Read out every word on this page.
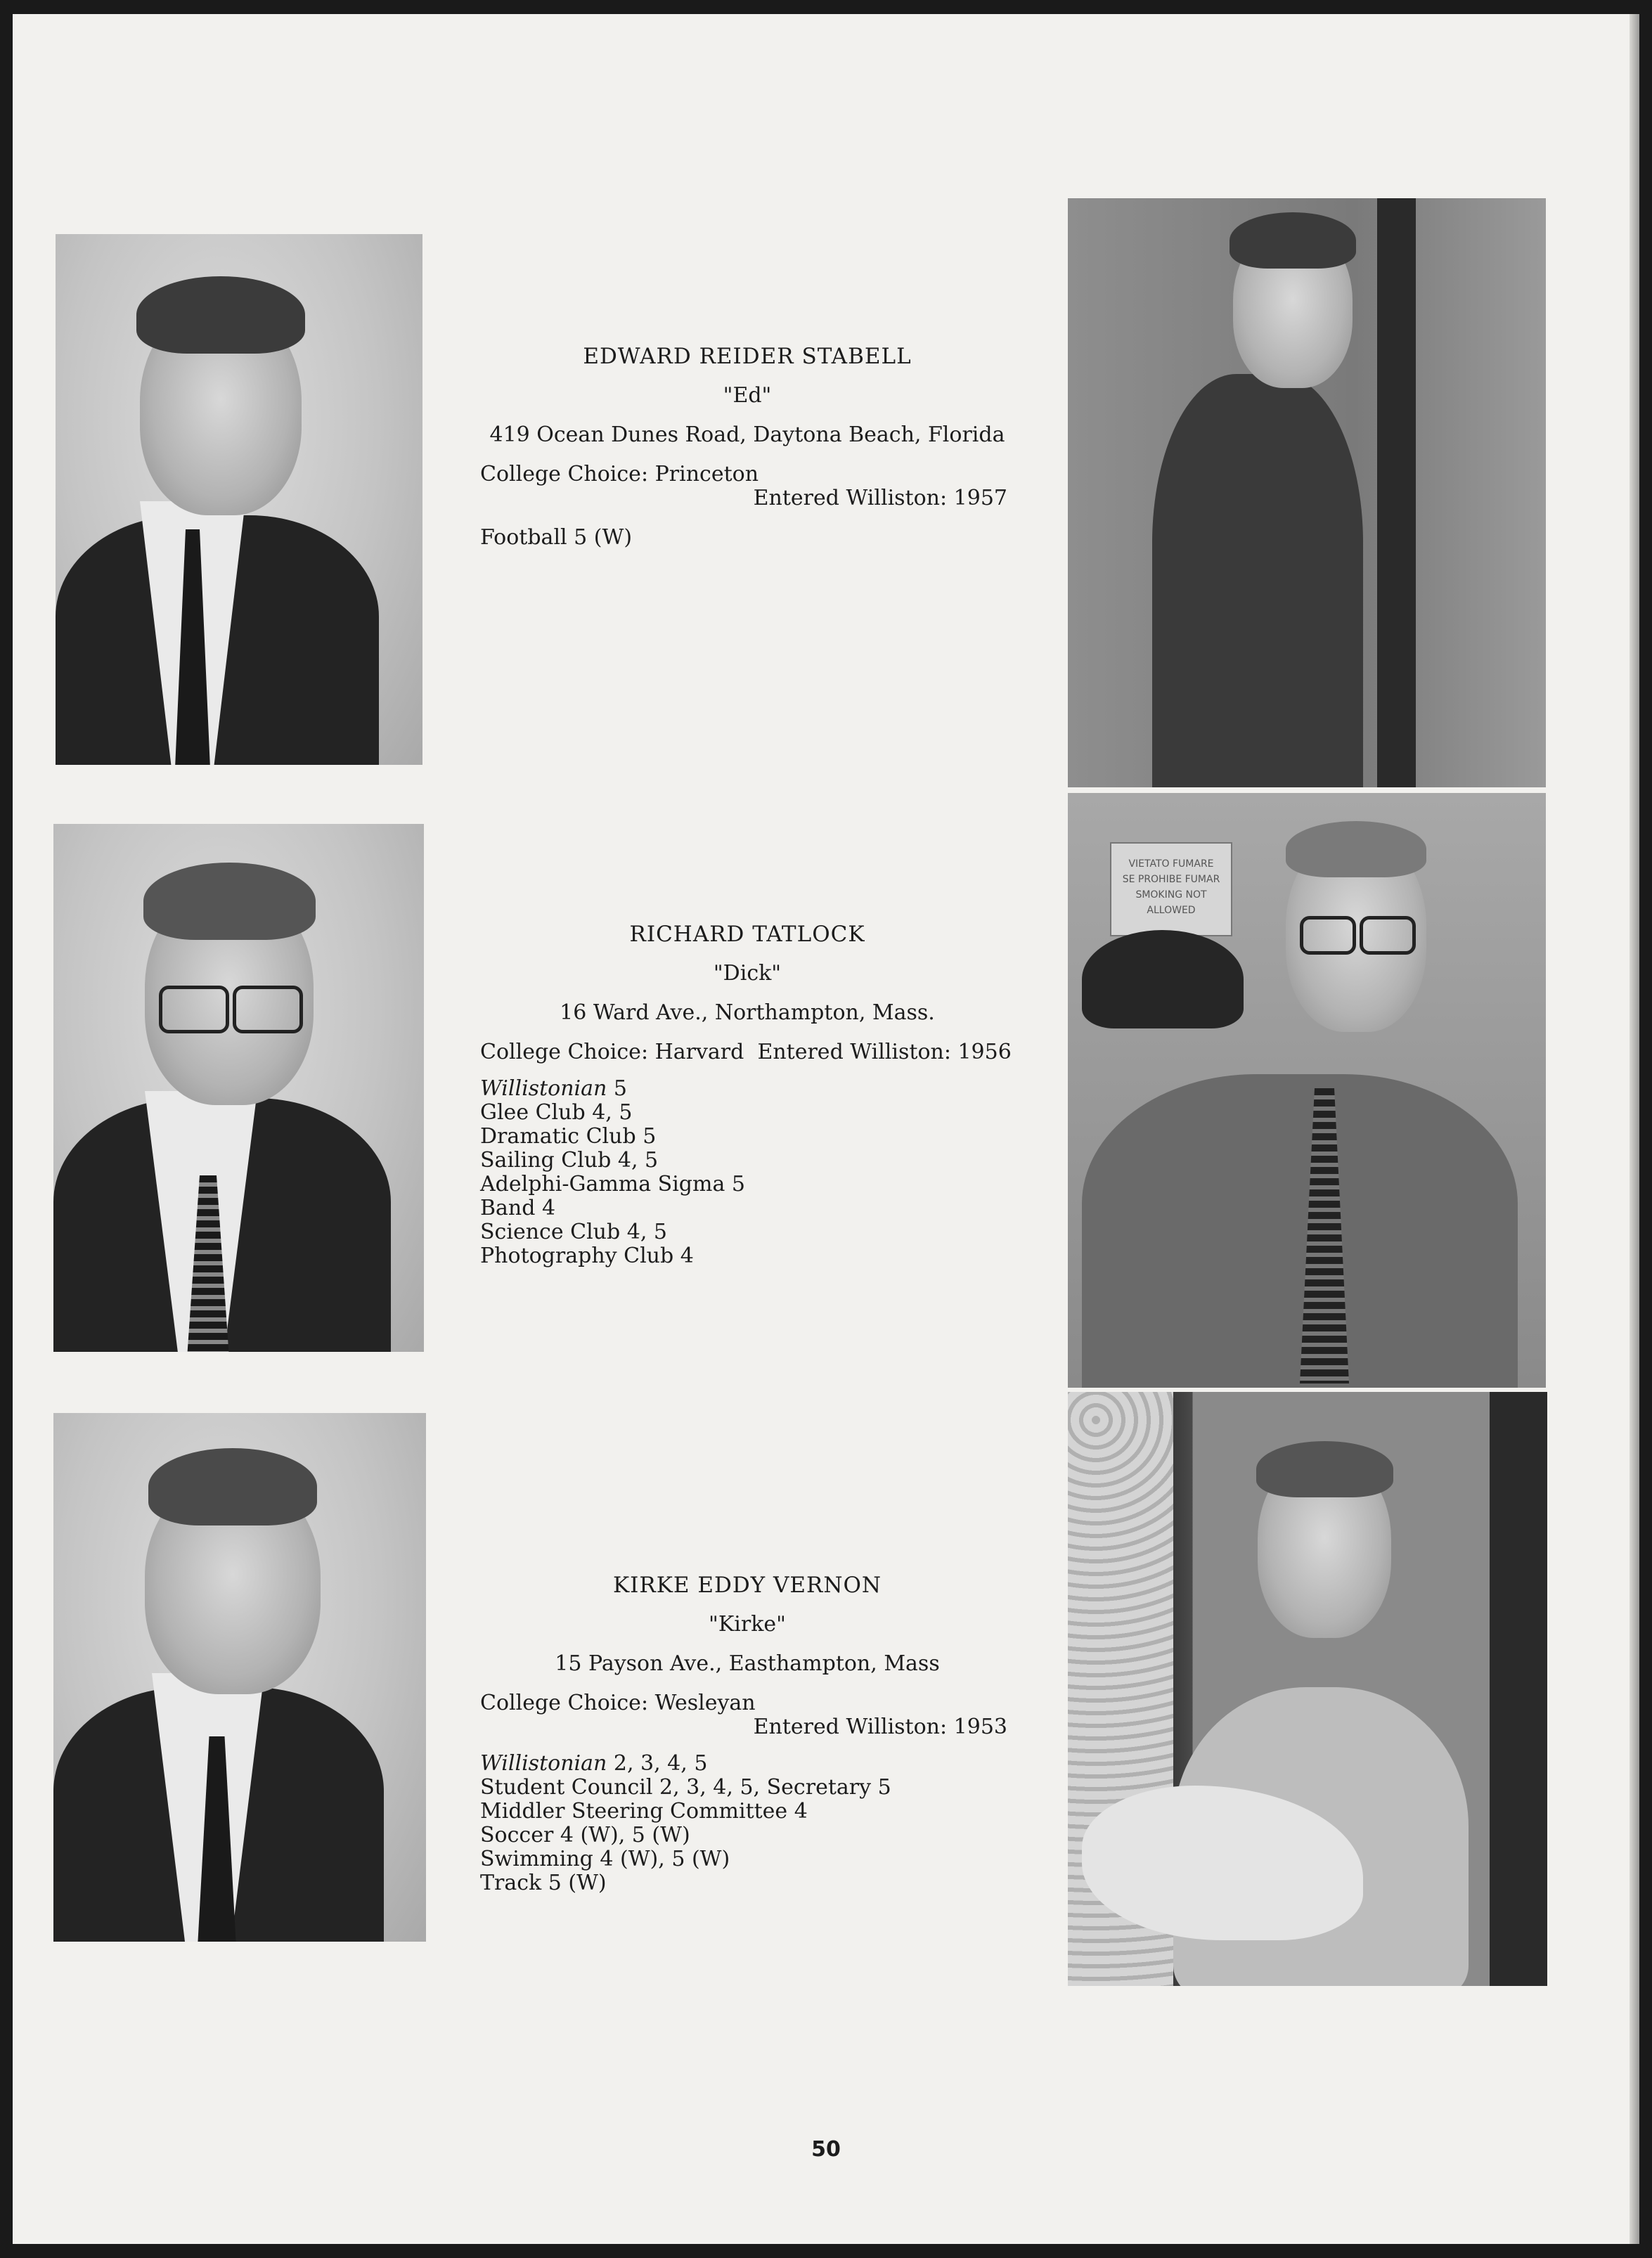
EDWARD REIDER STABELL
"Ed"
419 Ocean Dunes Road, Daytona Beach, Florida
College Choice: Princeton
Entered Williston: 1957
Football 5 (W)
RICHARD TATLOCK
"Dick"
16 Ward Ave., Northampton, Mass.
College Choice: Harvard Entered Williston: 1956
Willistonian 5
Glee Club 4, 5
Dramatic Club 5
Sailing Club 4, 5
Adelphi-Gamma Sigma 5
Band 4
Science Club 4, 5
Photography Club 4
VIETATO FUMARE
SE PROHIBE FUMAR
SMOKING NOT ALLOWED
KIRKE EDDY VERNON
"Kirke"
15 Payson Ave., Easthampton, Mass
College Choice: Wesleyan
Entered Williston: 1953
Willistonian 2, 3, 4, 5
Student Council 2, 3, 4, 5, Secretary 5
Middler Steering Committee 4
Soccer 4 (W), 5 (W)
Swimming 4 (W), 5 (W)
Track 5 (W)
50
